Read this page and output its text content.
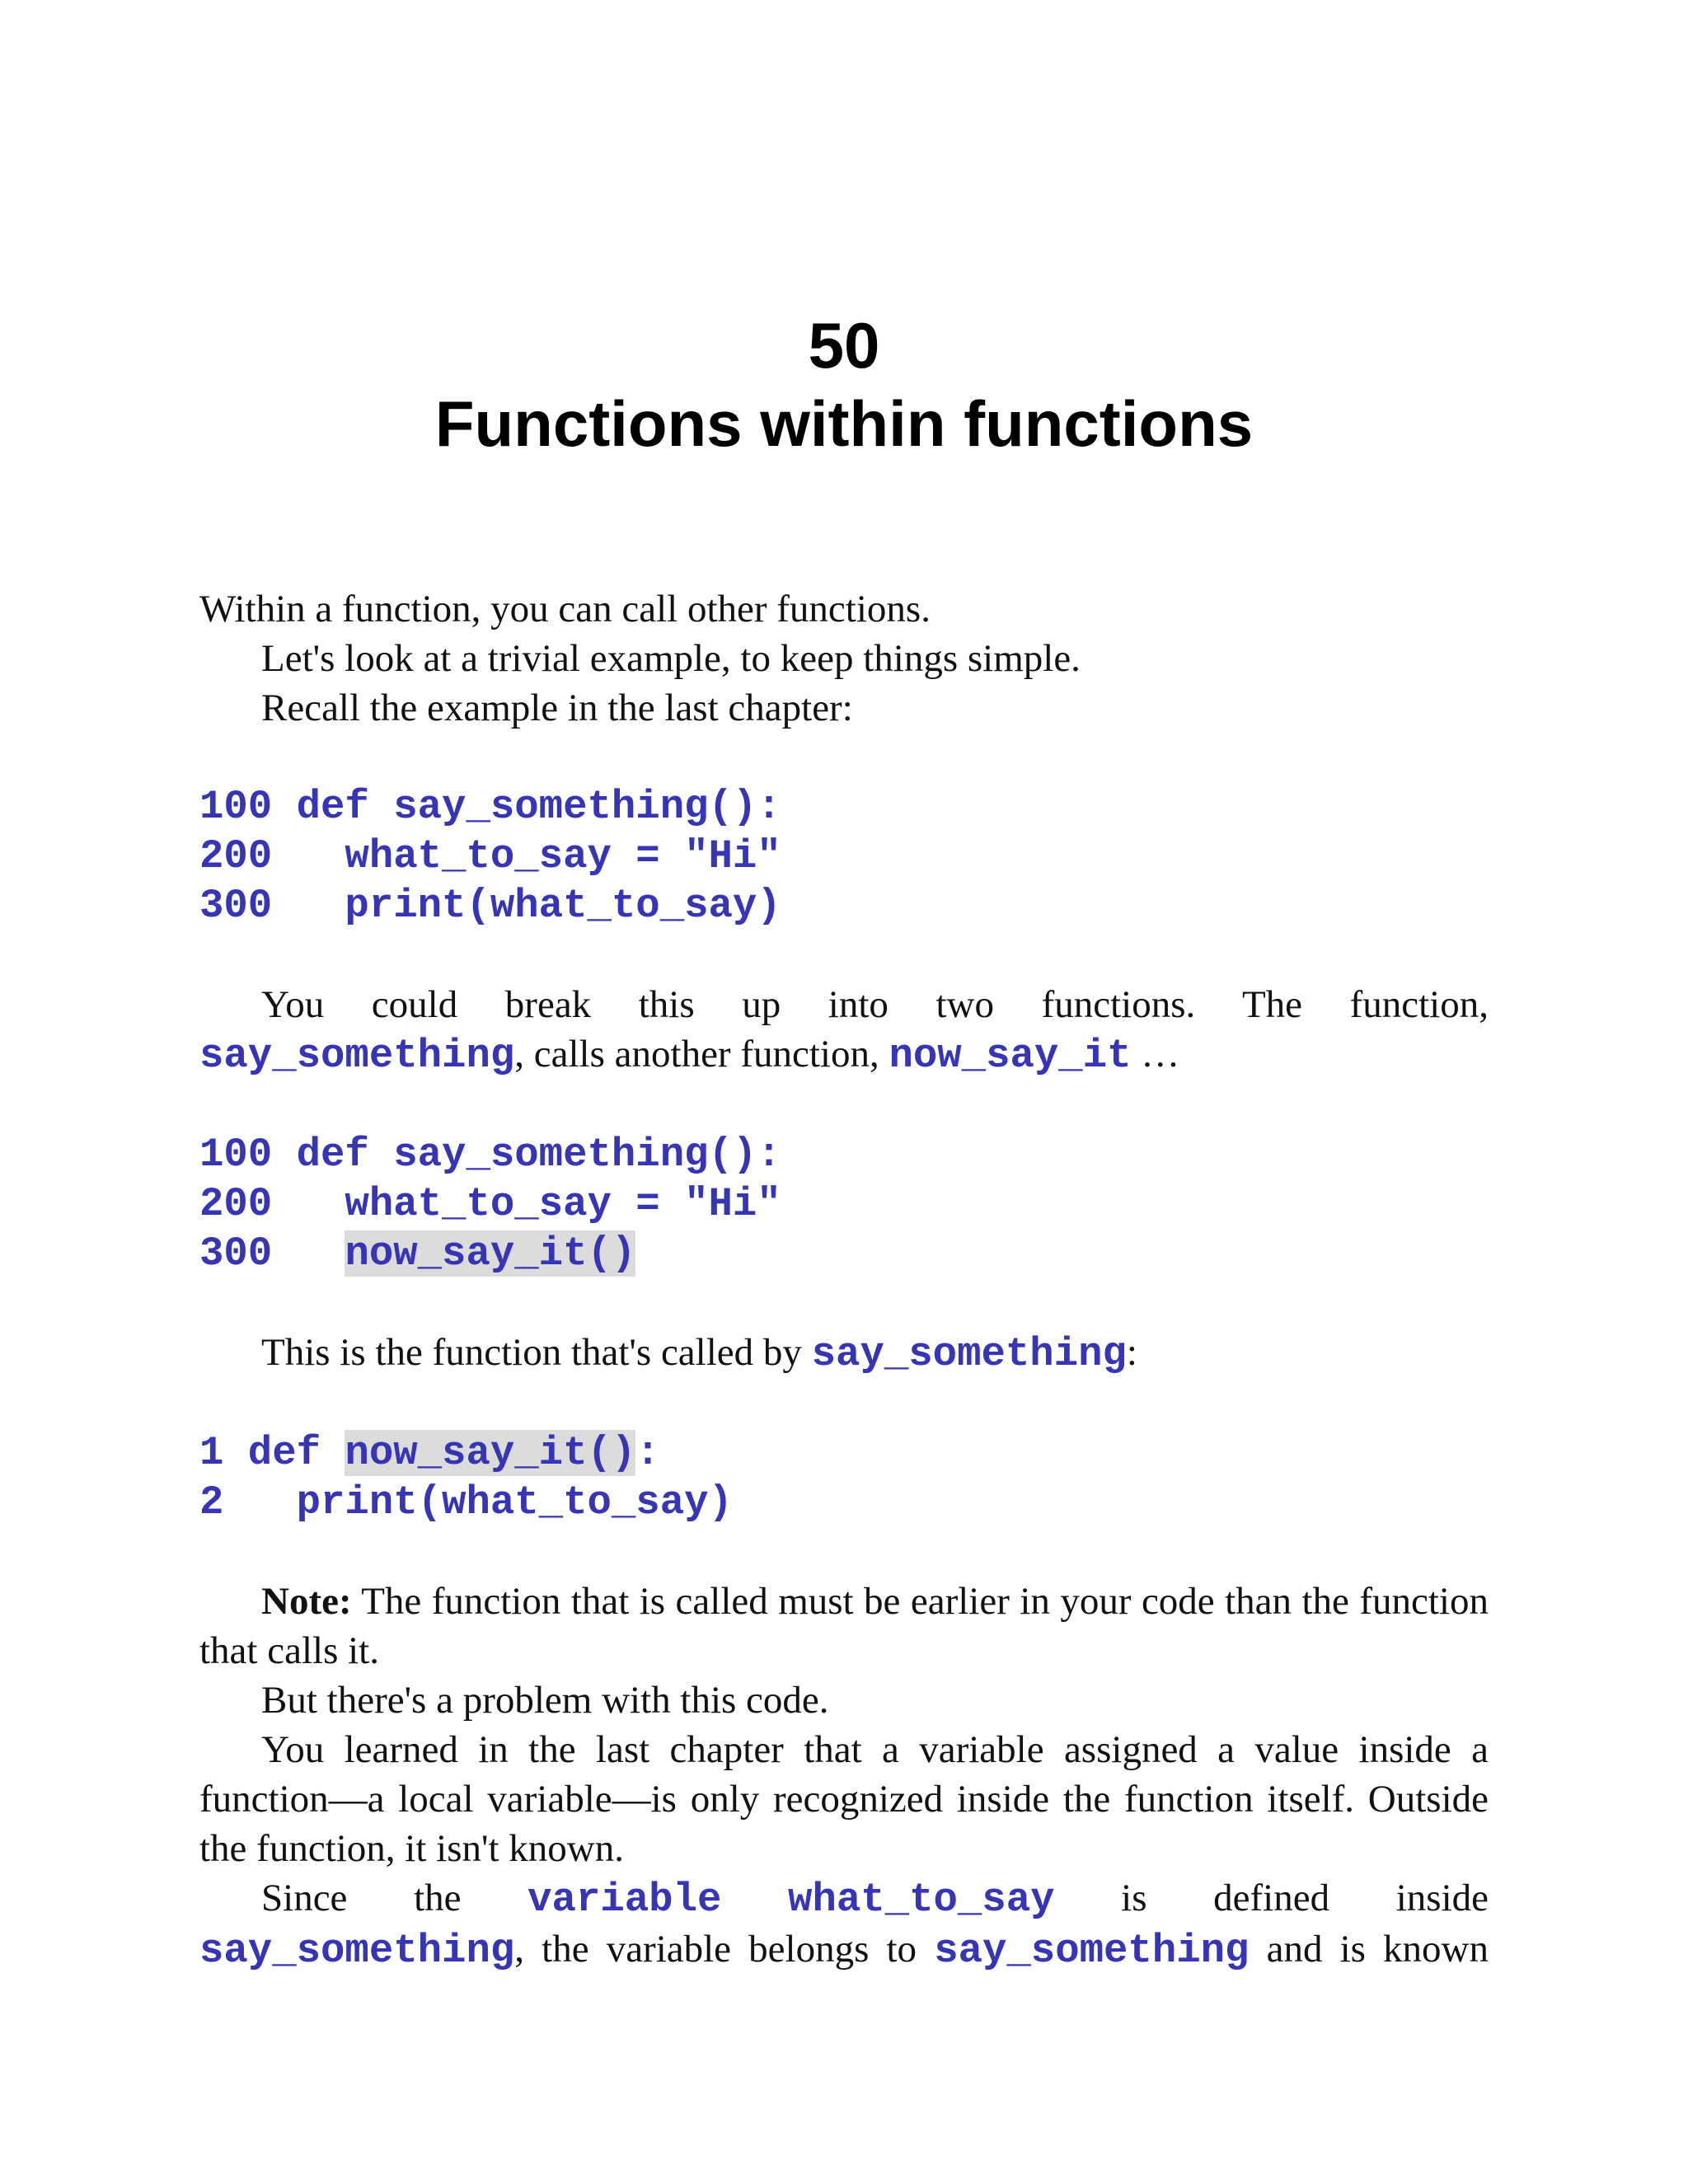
50
Functions within functions

Within a function, you can call other functions.

Let's look at a trivial example, to keep things simple.

Recall the example in the last chapter:

100 def say_something():
200   what_to_say = "Hi"
300   print(what_to_say)

You could break this up into two functions. The function,

say_something, calls another function, now_say_it …

100 def say_something():
200   what_to_say = "Hi"
300   now_say_it()

This is the function that's called by say_something:

1 def now_say_it():
2   print(what_to_say)

Note: The function that is called must be earlier in your code than the function that calls it.

But there's a problem with this code.

You learned in the last chapter that a variable assigned a value inside a function—a local variable—is only recognized inside the function itself. Outside the function, it isn't known.

Since the variable what_to_say is defined inside

say_something, the variable belongs to say_something and is known
